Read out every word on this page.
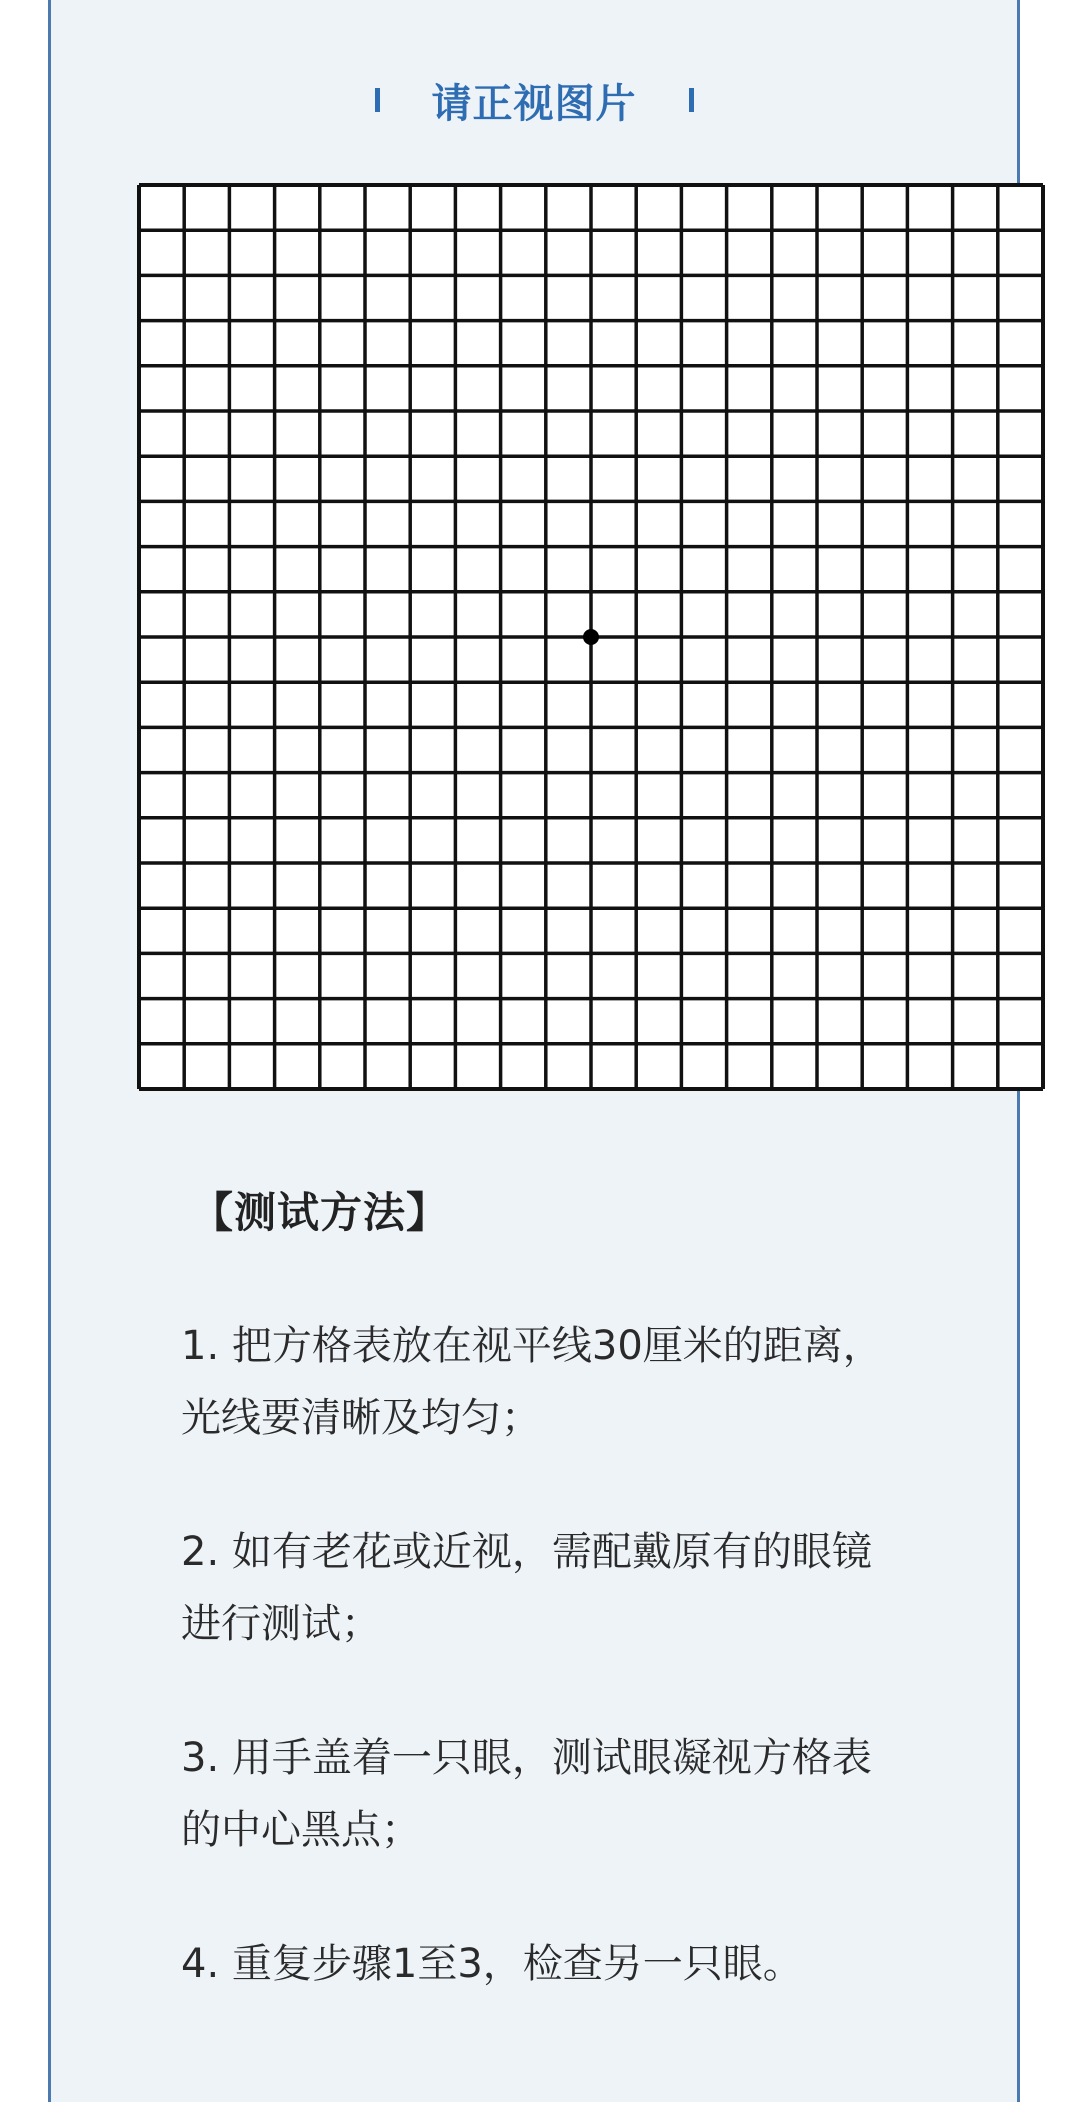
请正视图片
【测试方法】
1. 把方格表放在视平线30厘米的距离，
光线要清晰及均匀；
2. 如有老花或近视，需配戴原有的眼镜
进行测试；
3. 用手盖着一只眼，测试眼凝视方格表
的中心黑点；
4. 重复步骤1至3，检查另一只眼。
